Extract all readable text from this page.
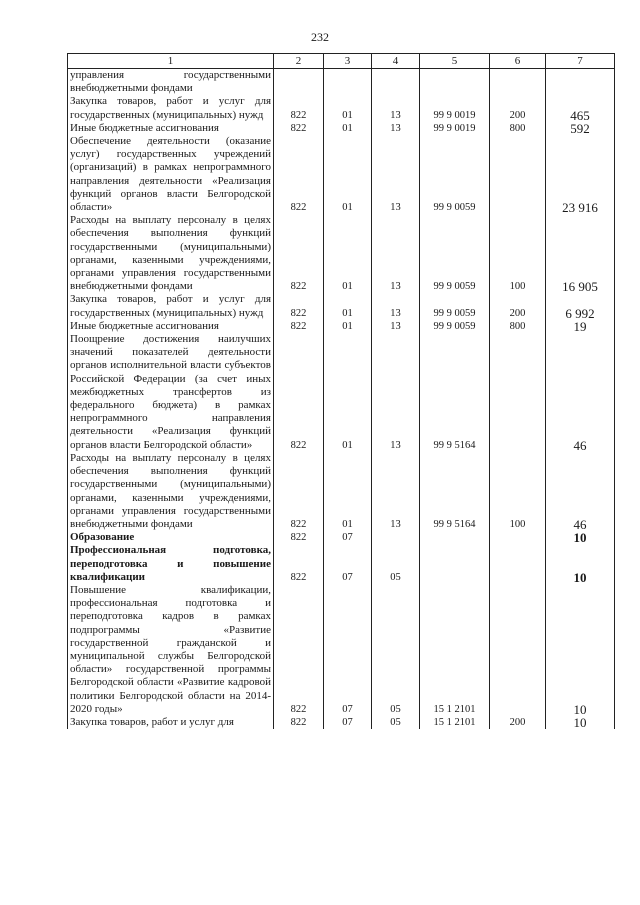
232
1	2	3	4	5	6	7
управления государственными внебюджетными фондами						
Закупка товаров, работ и услуг для государственных (муниципальных) нужд	822	01	13	99 9 0019	200	465
Иные бюджетные ассигнования	822	01	13	99 9 0019	800	592
Обеспечение деятельности (оказание услуг) государственных учреждений (организаций) в рамках непрограммного направления деятельности «Реализация функций органов власти Белгородской области»	822	01	13	99 9 0059		23 916
Расходы на выплату персоналу в целях обеспечения выполнения функций государственными (муниципальными) органами, казенными учреждениями, органами управления государственными внебюджетными фондами	822	01	13	99 9 0059	100	16 905
Закупка товаров, работ и услуг для государственных (муниципальных) нужд	822	01	13	99 9 0059	200	6 992
Иные бюджетные ассигнования	822	01	13	99 9 0059	800	19
Поощрение достижения наилучших значений показателей деятельности органов исполнительной власти субъектов Российской Федерации (за счет иных межбюджетных трансфертов из федерального бюджета) в рамках непрограммного направления деятельности «Реализация функций органов власти Белгородской области»	822	01	13	99 9 5164		46
Расходы на выплату персоналу в целях обеспечения выполнения функций государственными (муниципальными) органами, казенными учреждениями, органами управления государственными внебюджетными фондами	822	01	13	99 9 5164	100	46
Образование	822	07				10
Профессиональная подготовка, переподготовка и повышение квалификации	822	07	05			10
Повышение квалификации, профессиональная подготовка и переподготовка кадров в рамках подпрограммы «Развитие государственной гражданской и муниципальной службы Белгородской области» государственной программы Белгородской области «Развитие кадровой политики Белгородской области на 2014-2020 годы»	822	07	05	15 1 2101		10
Закупка товаров, работ и услуг для	822	07	05	15 1 2101	200	10
